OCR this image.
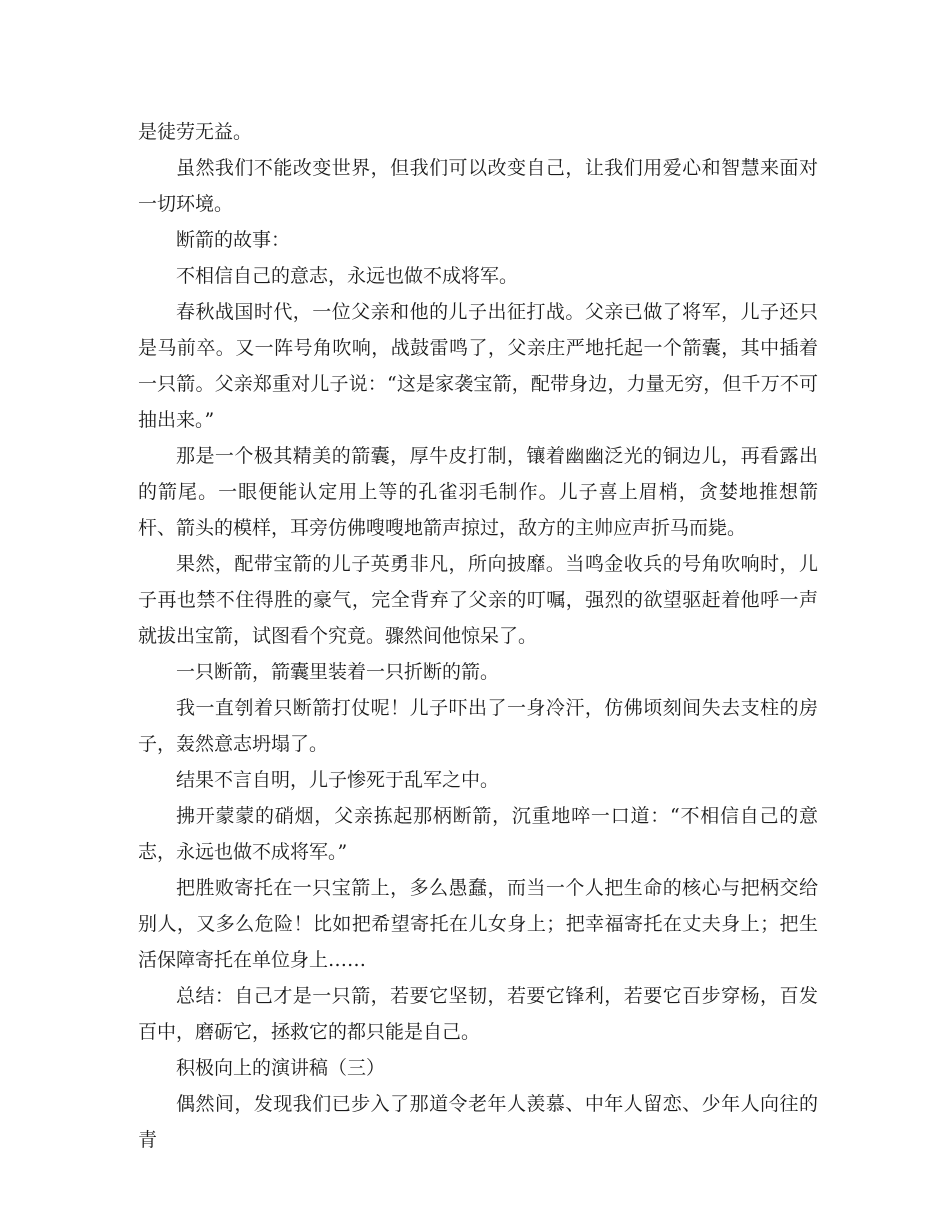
是徒劳无益。

虽然我们不能改变世界，但我们可以改变自己，让我们用爱心和智慧来面对一切环境。

断箭的故事：

不相信自己的意志，永远也做不成将军。

春秋战国时代，一位父亲和他的儿子出征打战。父亲已做了将军，儿子还只是马前卒。又一阵号角吹响，战鼓雷鸣了，父亲庄严地托起一个箭囊，其中插着一只箭。父亲郑重对儿子说：“这是家袭宝箭，配带身边，力量无穷，但千万不可抽出来。”

那是一个极其精美的箭囊，厚牛皮打制，镶着幽幽泛光的铜边儿，再看露出的箭尾。一眼便能认定用上等的孔雀羽毛制作。儿子喜上眉梢，贪婪地推想箭杆、箭头的模样，耳旁仿佛嗖嗖地箭声掠过，敌方的主帅应声折马而毙。

果然，配带宝箭的儿子英勇非凡，所向披靡。当鸣金收兵的号角吹响时，儿子再也禁不住得胜的豪气，完全背弃了父亲的叮嘱，强烈的欲望驱赶着他呼一声就拔出宝箭，试图看个究竟。骤然间他惊呆了。

一只断箭，箭囊里装着一只折断的箭。

我一直刳着只断箭打仗呢！儿子吓出了一身冷汗，仿佛顷刻间失去支柱的房子，轰然意志坍塌了。

结果不言自明，儿子惨死于乱军之中。

拂开蒙蒙的硝烟，父亲拣起那柄断箭，沉重地啐一口道：“不相信自己的意志，永远也做不成将军。”

把胜败寄托在一只宝箭上，多么愚蠢，而当一个人把生命的核心与把柄交给别人，又多么危险！比如把希望寄托在儿女身上；把幸福寄托在丈夫身上；把生活保障寄托在单位身上……

总结：自己才是一只箭，若要它坚韧，若要它锋利，若要它百步穿杨，百发百中，磨砺它，拯救它的都只能是自己。

积极向上的演讲稿（三）

偶然间，发现我们已步入了那道令老年人羡慕、中年人留恋、少年人向往的青
